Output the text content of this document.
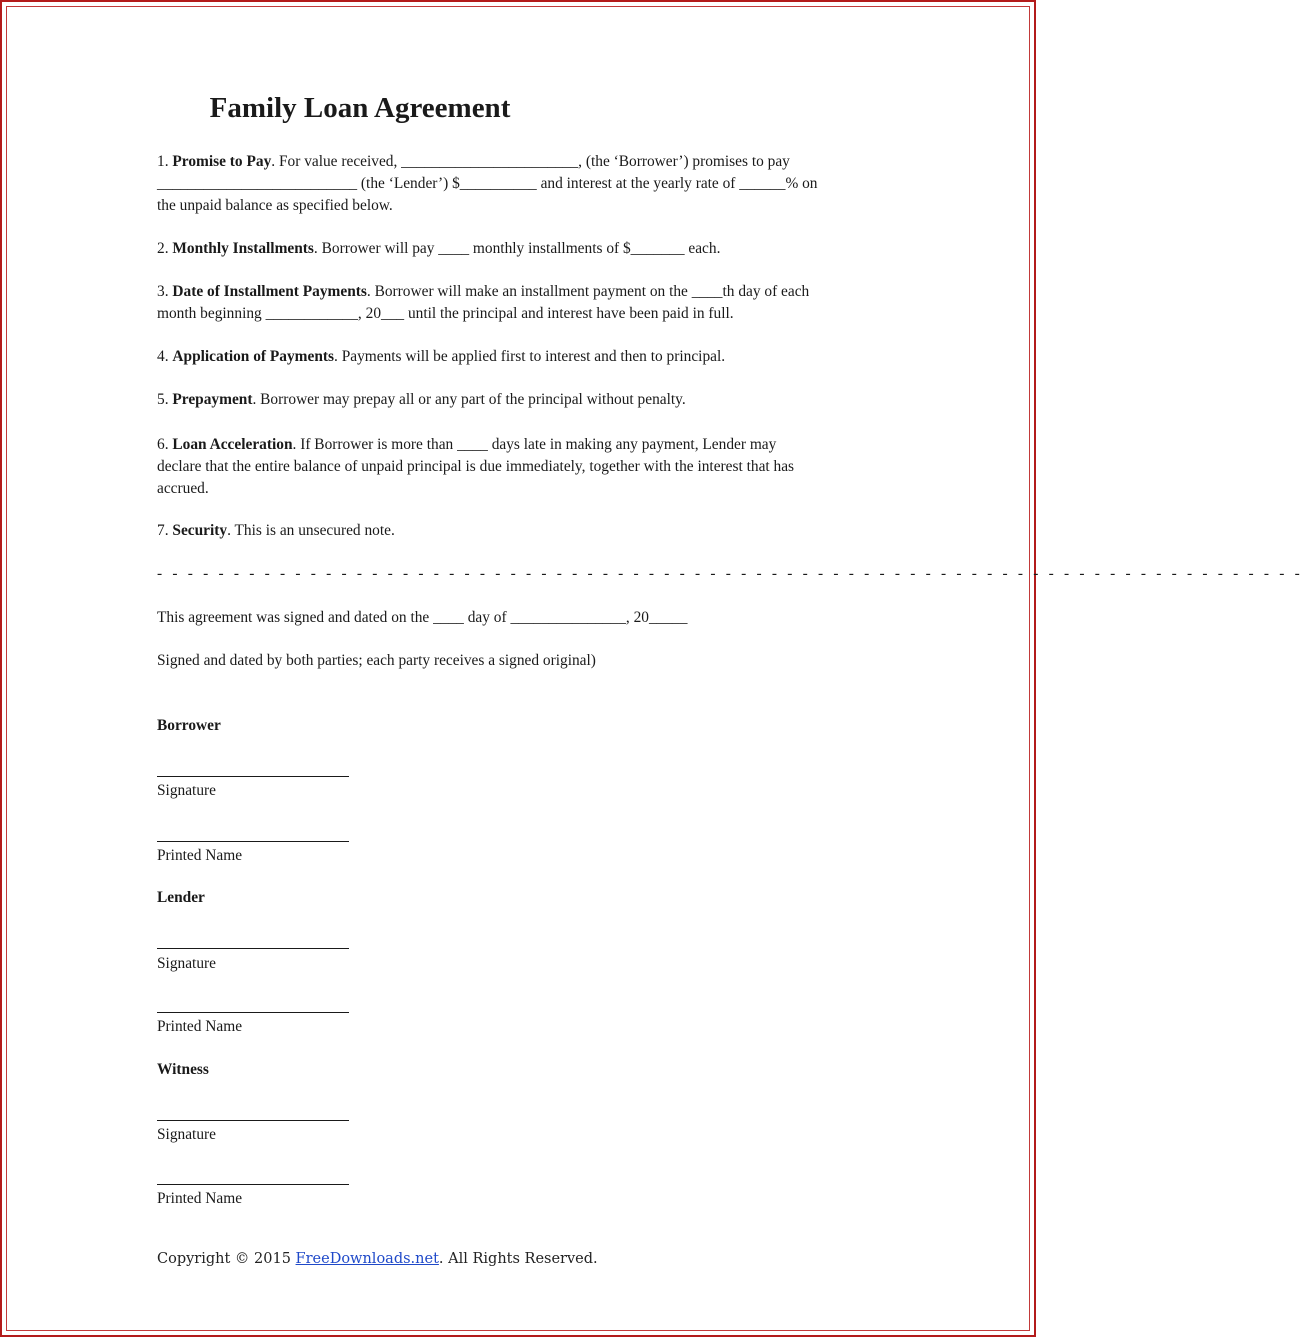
Family Loan Agreement
1. Promise to Pay. For value received, _______________________, (the ‘Borrower’) promises to pay
__________________________ (the ‘Lender’) $__________ and interest at the yearly rate of ______% on
the unpaid balance as specified below.
2. Monthly Installments. Borrower will pay ____ monthly installments of $_______ each.
3. Date of Installment Payments. Borrower will make an installment payment on the ____th day of each
month beginning ____________, 20___ until the principal and interest have been paid in full.
4. Application of Payments. Payments will be applied first to interest and then to principal.
5. Prepayment. Borrower may prepay all or any part of the principal without penalty.
6. Loan Acceleration. If Borrower is more than ____ days late in making any payment, Lender may
declare that the entire balance of unpaid principal is due immediately, together with the interest that has
accrued.
7. Security. This is an unsecured note.
- - - - - - - - - - - - - - - - - - - - - - - - - - - - - - - - - - - - - - - - - - - - - - - - - - - - - - - - - - - - - - - - - - - - - - - - - - -
This agreement was signed and dated on the ____ day of _______________, 20_____
Signed and dated by both parties; each party receives a signed original)
Borrower
Signature
Printed Name
Lender
Signature
Printed Name
Witness
Signature
Printed Name
Copyright © 2015 FreeDownloads.net. All Rights Reserved.
